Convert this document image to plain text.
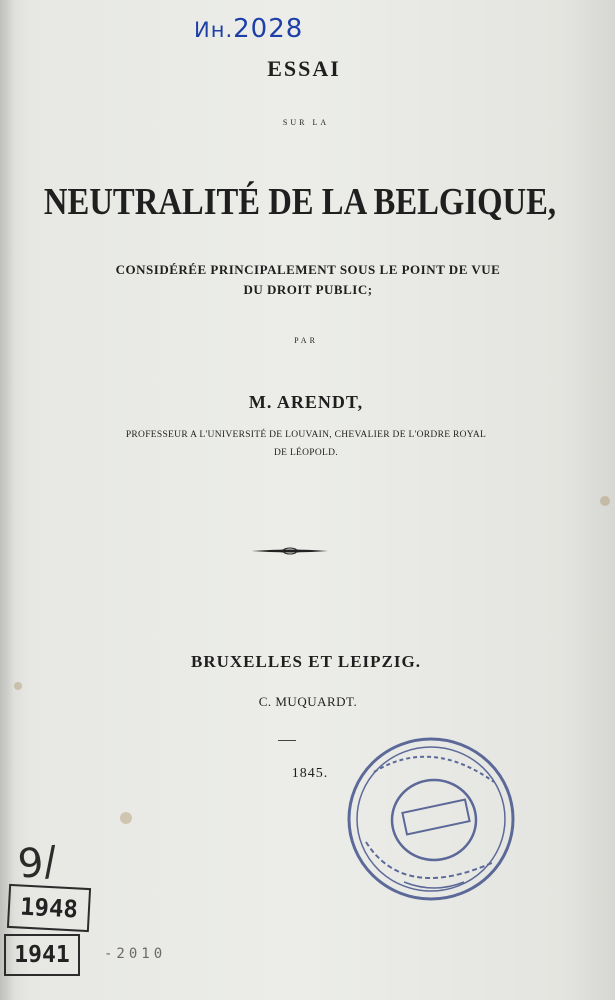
Ин.2028
ESSAI
SUR LA
NEUTRALITÉ DE LA BELGIQUE,
CONSIDÉRÉE PRINCIPALEMENT SOUS LE POINT DE VUE
DU DROIT PUBLIC;
PAR
M. ARENDT,
PROFESSEUR A L'UNIVERSITÉ DE LOUVAIN, CHEVALIER DE L'ORDRE ROYAL
DE LÉOPOLD.
BRUXELLES ET LEIPZIG.
C. MUQUARDT.
1845.
9/
1948
1941	-2010
